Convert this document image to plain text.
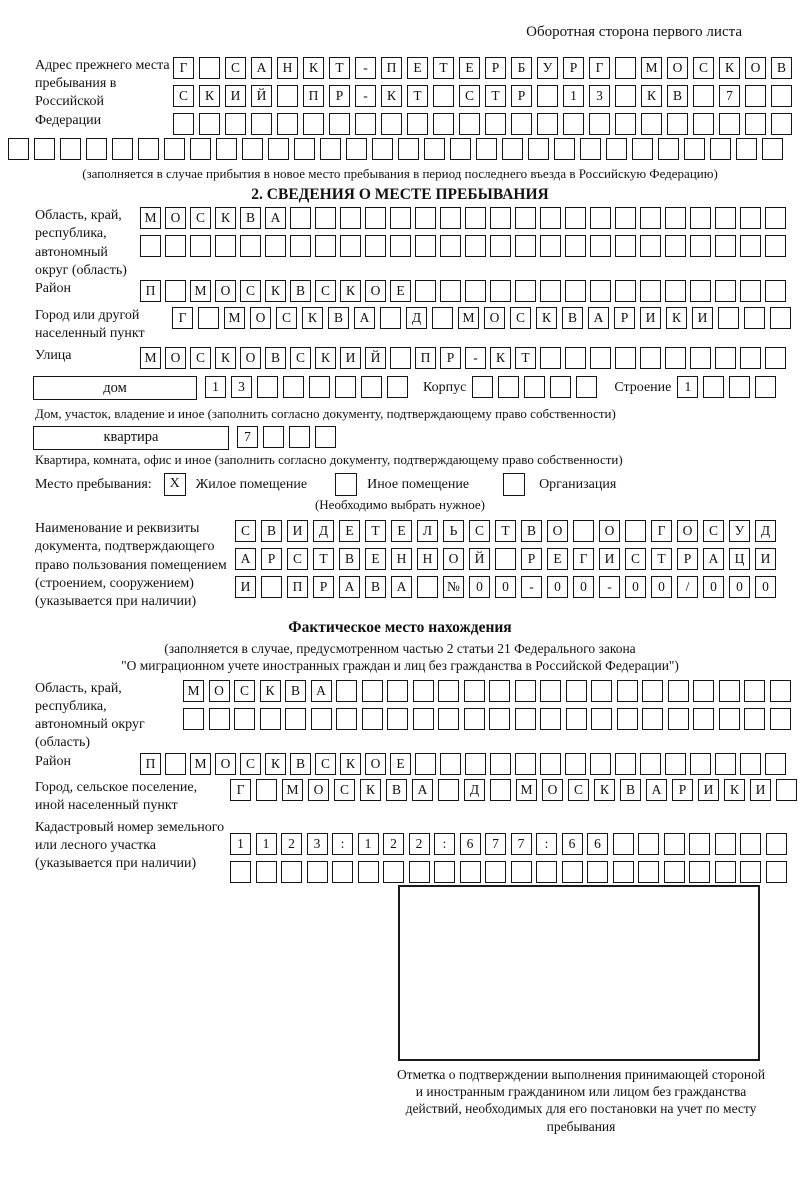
Оборотная сторона первого листа
Адрес прежнего места пребывания в Российской Федерации
Г	С	А	Н	К	Т	-	П	Е	Т	Е	Р	Б	У	Р	Г	М	О	С	К	О	В
С	К	И	Й	П	Р	-	К	Т	С	Т	Р	1	3	К	В	7
(заполняется в случае прибытия в новое место пребывания в период последнего въезда в Российскую Федерацию)
2. СВЕДЕНИЯ О МЕСТЕ ПРЕБЫВАНИЯ
Область, край, республика, автономный округ (область)
М	О	С	К	В	А
Район	П	М	О	С	К	В	С	К	О	Е
Город или другой населенный пункт
Г	М	О	С	К	В	А	Д	М	О	С	К	В	А	Р	И	К	И
Улица	М	О	С	К	О	В	С	К	И	Й	П	Р	-	К	Т
дом	1	3	Корпус	Строение 1
Дом, участок, владение и иное (заполнить согласно документу, подтверждающему право собственности)
квартира	7
Квартира, комната, офис и иное (заполнить согласно документу, подтверждающему право собственности)
Место пребывания:	X	Жилое помещение	Иное помещение	Организация
(Необходимо выбрать нужное)
Наименование и реквизиты документа, подтверждающего право пользования помещением (строением, сооружением) (указывается при наличии)
С	В	И	Д	Е	Т	Е	Л	Ь	С	Т	В	О	О	Г	О	С	У	Д
А	Р	С	Т	В	Е	Н	Н	О	Й	Р	Е	Г	И	С	Т	Р	А	Ц	И
И	П	Р	А	В	А	№	0	0	-	0	0	-	0	0	/	0	0	0
Фактическое место нахождения
(заполняется в случае, предусмотренном частью 2 статьи 21 Федерального закона
"О миграционном учете иностранных граждан и лиц без гражданства в Российской Федерации")
Область, край, республика, автономный округ (область)
М	О	С	К	В	А
Район	П	М	О	С	К	В	С	К	О	Е
Город, сельское поселение, иной населенный пункт
Г	М	О	С	К	В	А	Д	М	О	С	К	В	А	Р	И	К	И
Кадастровый номер земельного или лесного участка (указывается при наличии)
1	1	2	3	:	1	2	2	:	6	7	7	:	6	6
Отметка о подтверждении выполнения принимающей стороной и иностранным гражданином или лицом без гражданства действий, необходимых для его постановки на учет по месту пребывания
